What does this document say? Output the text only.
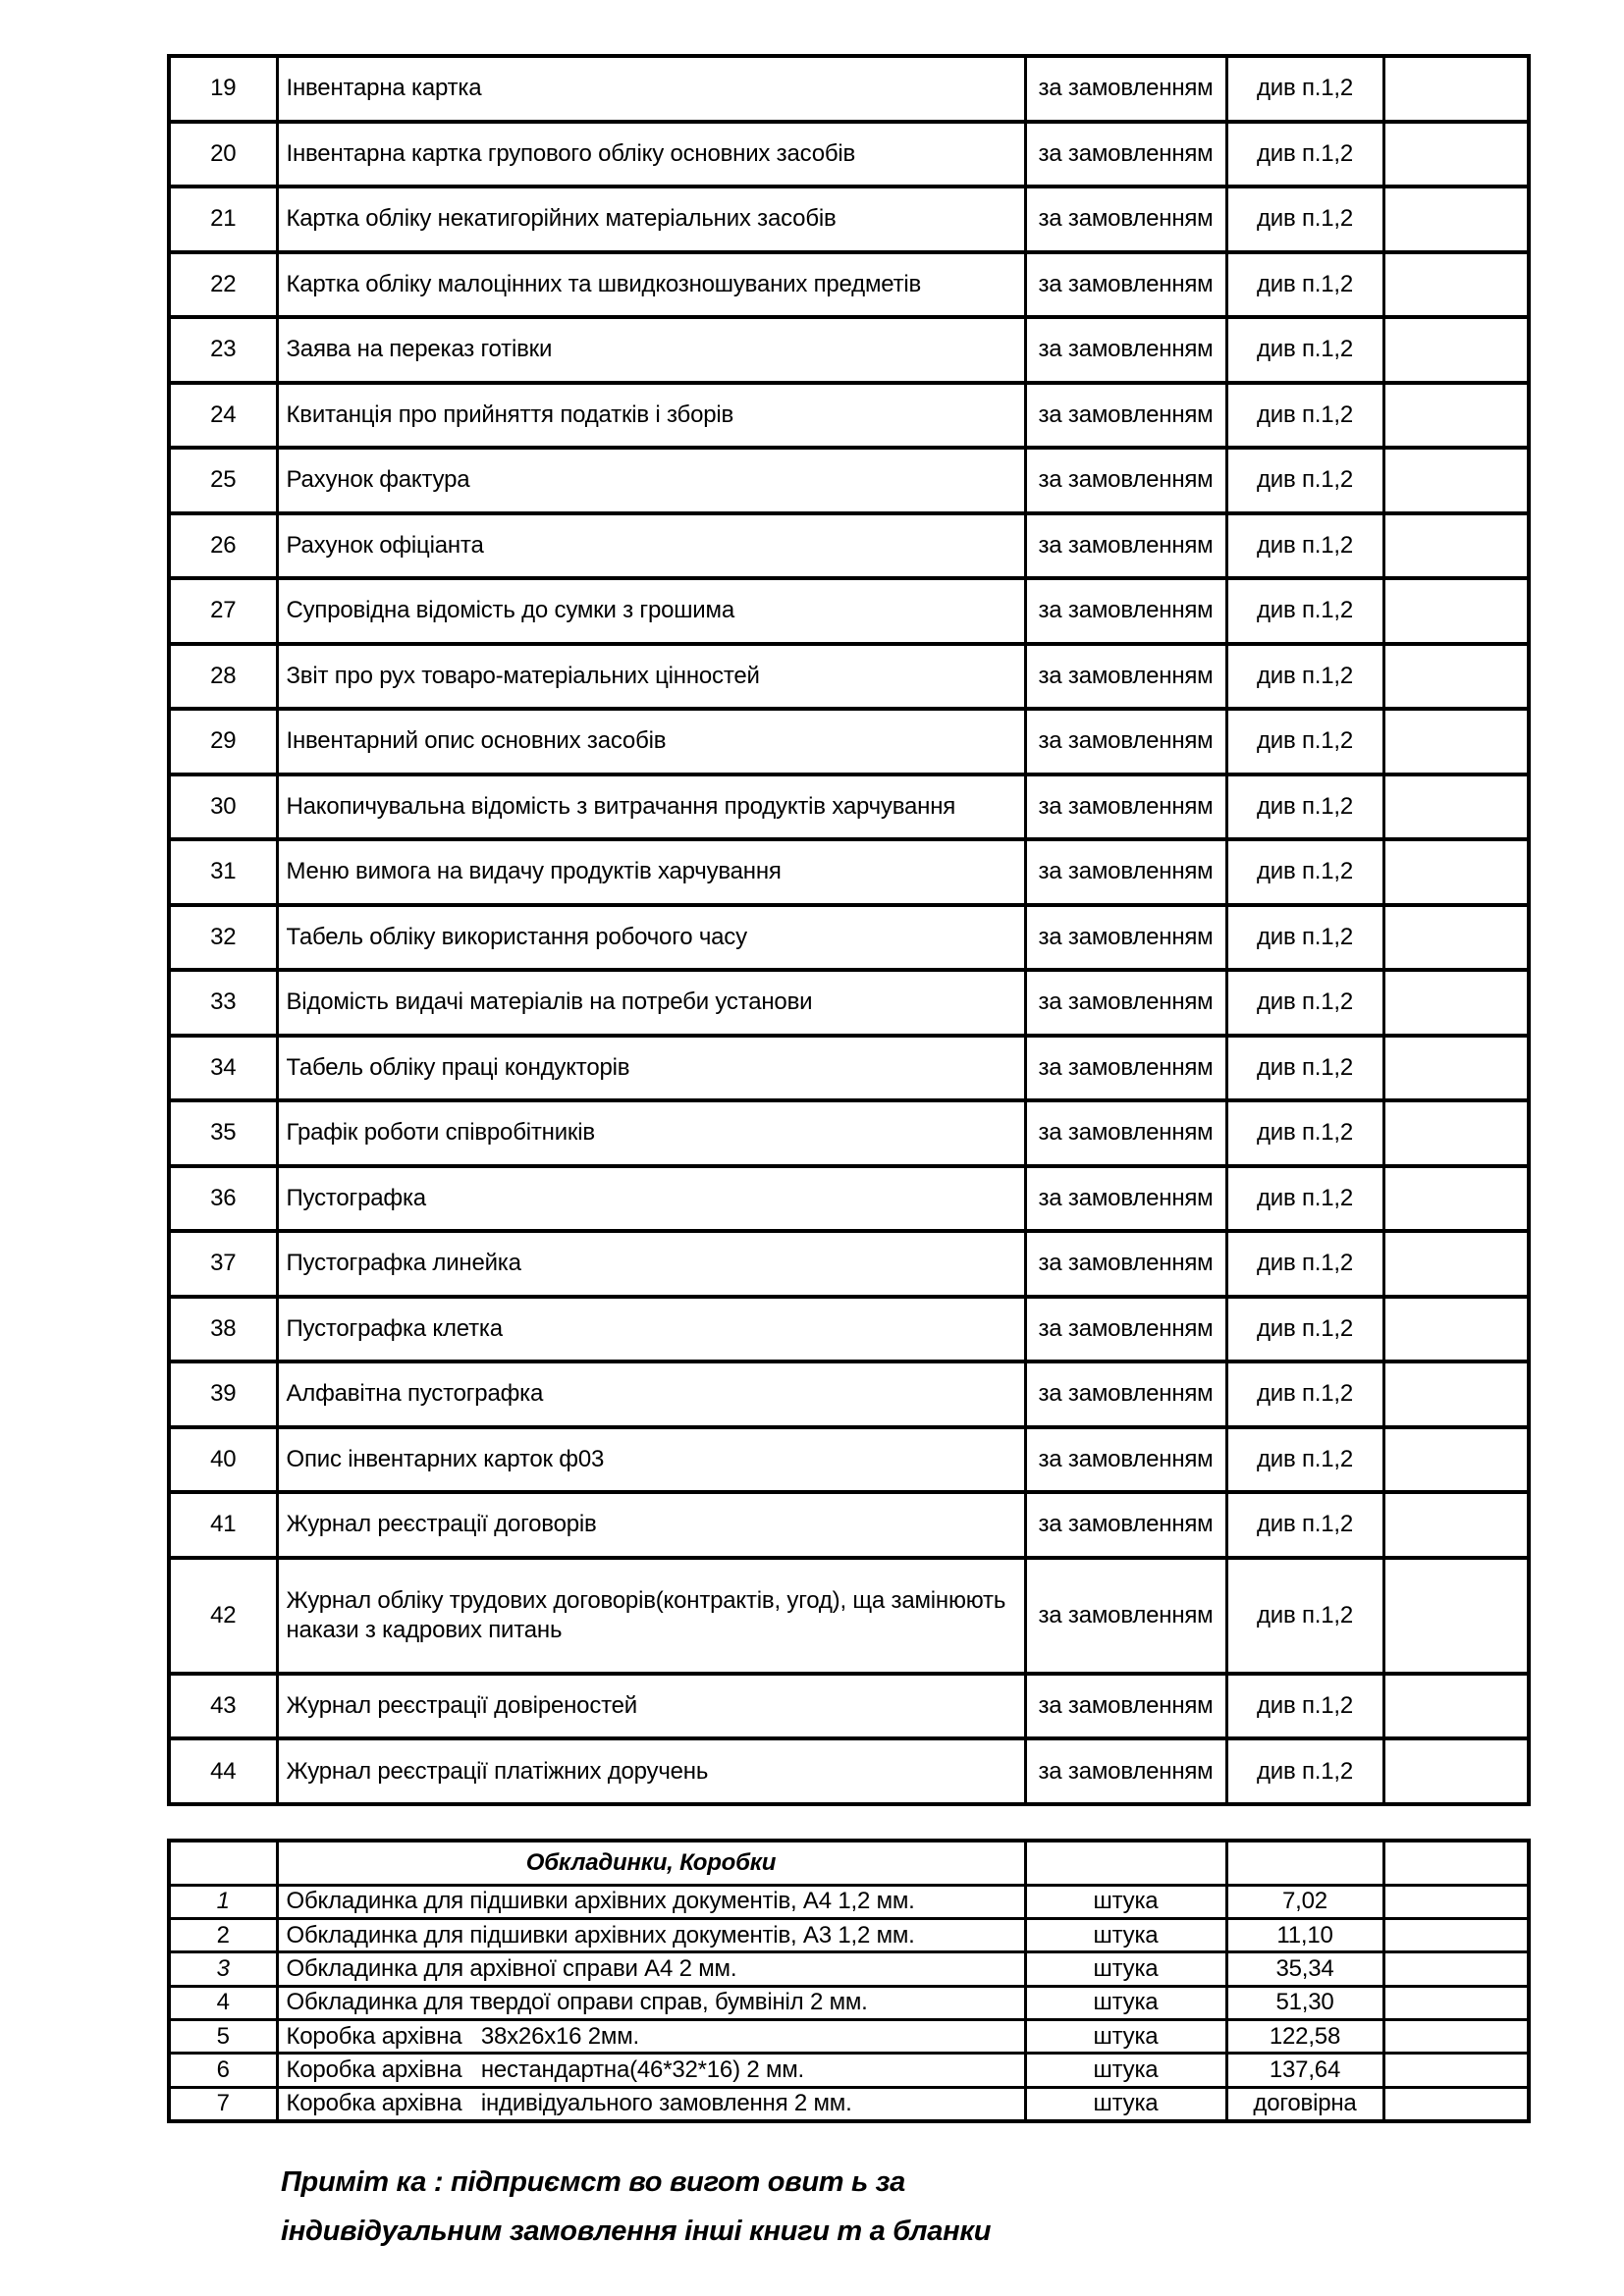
19	Інвентарна картка	за замовленням	див п.1,2	
20	Інвентарна картка групового обліку основних засобів	за замовленням	див п.1,2	
21	Картка обліку некатигорійних матеріальних засобів	за замовленням	див п.1,2	
22	Картка обліку малоцінних та швидкозношуваних предметів	за замовленням	див п.1,2	
23	Заява на переказ готівки	за замовленням	див п.1,2	
24	Квитанція про прийняття податків і зборів	за замовленням	див п.1,2	
25	Рахунок фактура	за замовленням	див п.1,2	
26	Рахунок офіціанта	за замовленням	див п.1,2	
27	Супровідна відомість до сумки з грошима	за замовленням	див п.1,2	
28	Звіт про рух товаро-матеріальних цінностей	за замовленням	див п.1,2	
29	Інвентарний опис основних засобів	за замовленням	див п.1,2	
30	Накопичувальна відомість з витрачання продуктів харчування	за замовленням	див п.1,2	
31	Меню вимога на видачу продуктів харчування	за замовленням	див п.1,2	
32	Табель обліку використання робочого часу	за замовленням	див п.1,2	
33	Відомість видачі матеріалів на потреби установи	за замовленням	див п.1,2	
34	Табель обліку праці кондукторів	за замовленням	див п.1,2	
35	Графік роботи співробітників	за замовленням	див п.1,2	
36	Пустографка	за замовленням	див п.1,2	
37	Пустографка линейка	за замовленням	див п.1,2	
38	Пустографка клетка	за замовленням	див п.1,2	
39	Алфавітна пустографка	за замовленням	див п.1,2	
40	Опис інвентарних карток ф03	за замовленням	див п.1,2	
41	Журнал реєстрації договорів	за замовленням	див п.1,2	
42	Журнал обліку трудових договорів(контрактів, угод), ща замінюють накази з кадрових питань	за замовленням	див п.1,2	
43	Журнал реєстрації довіреностей	за замовленням	див п.1,2	
44	Журнал реєстрації платіжних доручень	за замовленням	див п.1,2	
	Обкладинки, Коробки			
1	Обкладинка для підшивки архівних документів, А4 1,2 мм.	штука	7,02	
2	Обкладинка для підшивки архівних документів, А3 1,2 мм.	штука	11,10	
3	Обкладинка для архівної справи А4 2 мм.	штука	35,34	
4	Обкладинка для твердої оправи справ, бумвініл 2 мм.	штука	51,30	
5	Коробка архівна   38х26х16 2мм.	штука	122,58	
6	Коробка архівна   нестандартна(46*32*16) 2 мм.	штука	137,64	
7	Коробка архівна   індивідуального замовлення 2 мм.	штука	договірна	
Приміт ка : підприємст во вигот овит ь за
індивідуальним замовлення інші книги т а бланки
